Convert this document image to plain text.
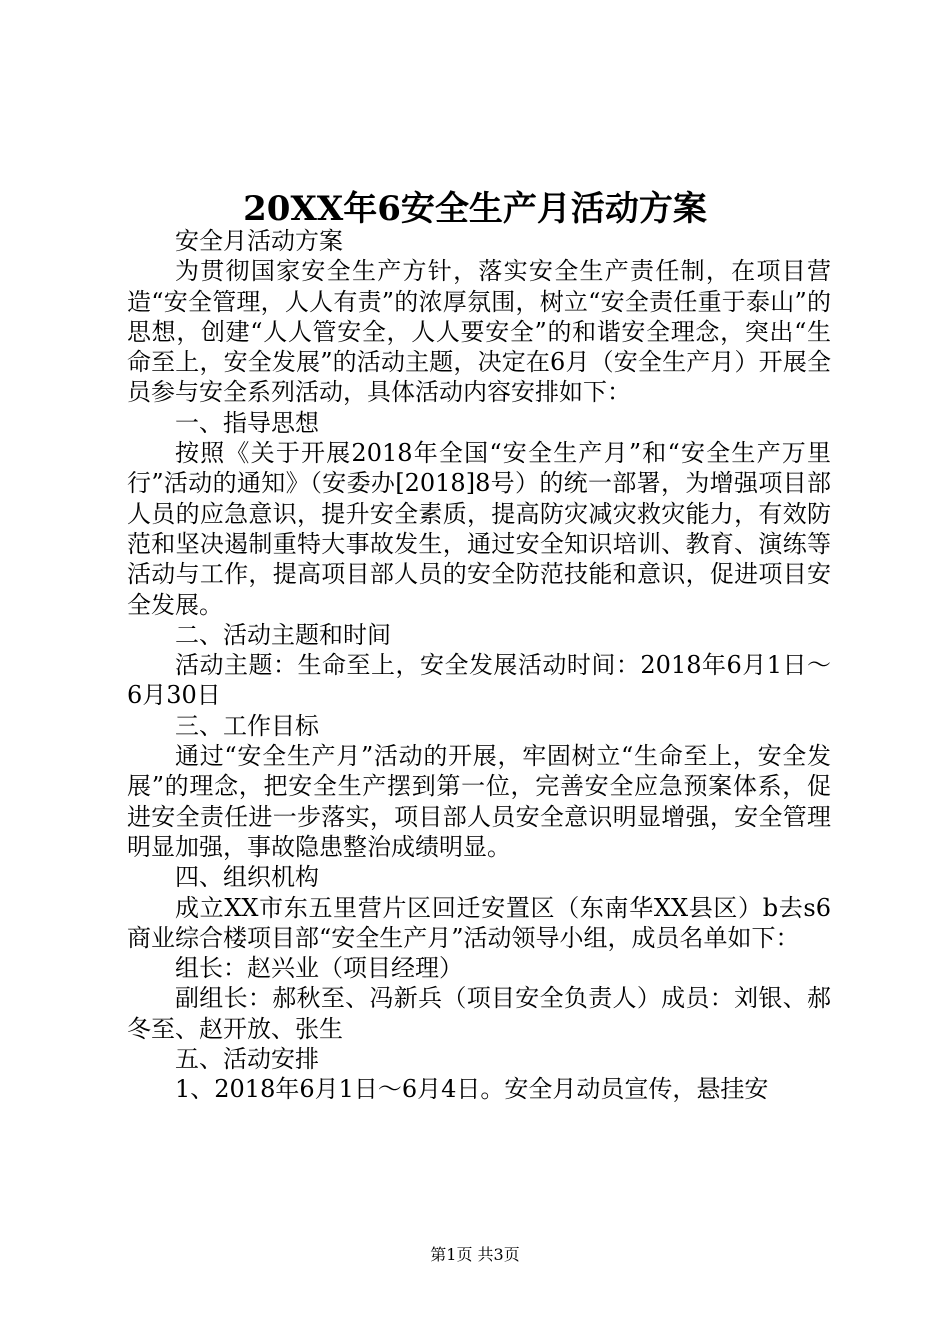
20XX年6安全生产月活动方案

安全月活动方案

为贯彻国家安全生产方针，落实安全生产责任制，在项目营造“安全管理，人人有责”的浓厚氛围，树立“安全责任重于泰山”的思想，创建“人人管安全，人人要安全”的和谐安全理念，突出“生命至上，安全发展”的活动主题，决定在6月（安全生产月）开展全员参与安全系列活动，具体活动内容安排如下：

一、指导思想

按照《关于开展2018年全国“安全生产月”和“安全生产万里行”活动的通知》（安委办[2018]8号）的统一部署，为增强项目部人员的应急意识，提升安全素质，提高防灾减灾救灾能力，有效防范和坚决遏制重特大事故发生，通过安全知识培训、教育、演练等活动与工作，提高项目部人员的安全防范技能和意识，促进项目安全发展。

二、活动主题和时间

活动主题：生命至上，安全发展活动时间：2018年6月1日～6月30日

三、工作目标

通过“安全生产月”活动的开展，牢固树立“生命至上，安全发展”的理念，把安全生产摆到第一位，完善安全应急预案体系，促进安全责任进一步落实，项目部人员安全意识明显增强，安全管理明显加强，事故隐患整治成绩明显。

四、组织机构

成立XX市东五里营片区回迁安置区（东南华XX县区）b去s6商业综合楼项目部“安全生产月”活动领导小组，成员名单如下：

组长：赵兴业（项目经理）

副组长：郝秋至、冯新兵（项目安全负责人）成员：刘银、郝冬至、赵开放、张生

五、活动安排

1、2018年6月1日～6月4日。安全月动员宣传，悬挂安

第1页 共3页
